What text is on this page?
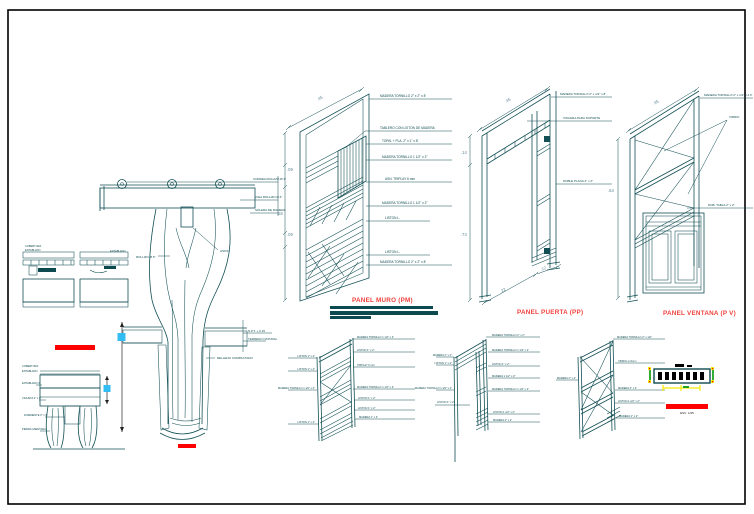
CORREA ROLLIZO Ø 3"
VIGA ROLLIZO Ø 4"
SOLERA DE MADERA
UNION
ROLLIZO Ø 6"
N.P.T. + 0.15
TERRENO NATURAL
RELLENO COMPACTADO
COBERTURA
ENTABLADO	ENTABLADO
COBERTURA
ENTABLADO
ENTABLADO 1"
VIGUETA 2" x 3"
DURMIENTE 3" x 3"
PIEDRA ASENTADA
MADERA TORNILLO 2" x 2" x 8'
TABLERO CON LISTON DE MADERA
TORN. + PLA. 2" x 1" x 8'
MADERA TORNILLO 1 1/2" x 2"
ASN. TRIPLAY 6 mm
MADERA TORNILLO 1 1/2" x 2"
LISTON L.
LISTON L.
MADERA TORNILLO 2" x 2" x 8'
.45
.09
.55
.09
PANEL MURO (PM)
MADERA TORNILLO 2" x 1/2" x 8'
VISAGRA PARA SOPORTE
DOBLE PLANA 2" x 2"
.45
.14
.74
.22
.12
PANEL PUERTA (PP)
MADERA TORNILLO 2" x 1/2" x 2.5'
VIDRIO
DOB. TABLA 2" x 2"
.45
.54
PANEL VENTANA (P V)
LISTON 1" x 2"
LISTON 1" x 2"
MADERA TORNILLO 1 1/2" x 2"
LISTON 1" x 2"
MADERA TORNILLO 1 1/2" x 2"
LISTON 1" x 2"
TRIPLAY 6 mm
MADERA TORNILLO 1 1/2" x 2"
LISTON 1" x 2"
LISTON 1" x 2"
MADERA 1" x 2"
MADERA 2" x 2"
LISTON 1" x 2"
MADERA TORNILLO 1 1/2" x 2"
LISTON 1" x 2"
MADERA TORNILLO 2" x 2"
MADERA TORNILLO 1 1/2" x 2"
LISTON 1" x 2"
MADERA 1 1/2" x 2"
MADERA TORNILLO 1 1/2" x 2"
LISTON 1 1/2" x 2"
MADERA 2" x 2"
MADERA 2" x 2"
MADERA TORNILLO 2" x 1/2"
VIDRIO e=2mm
MADERA 2" x 2"
LISTON 1 1/2" x 2"
MADERA 1" x 2"
ESC. 1/25
